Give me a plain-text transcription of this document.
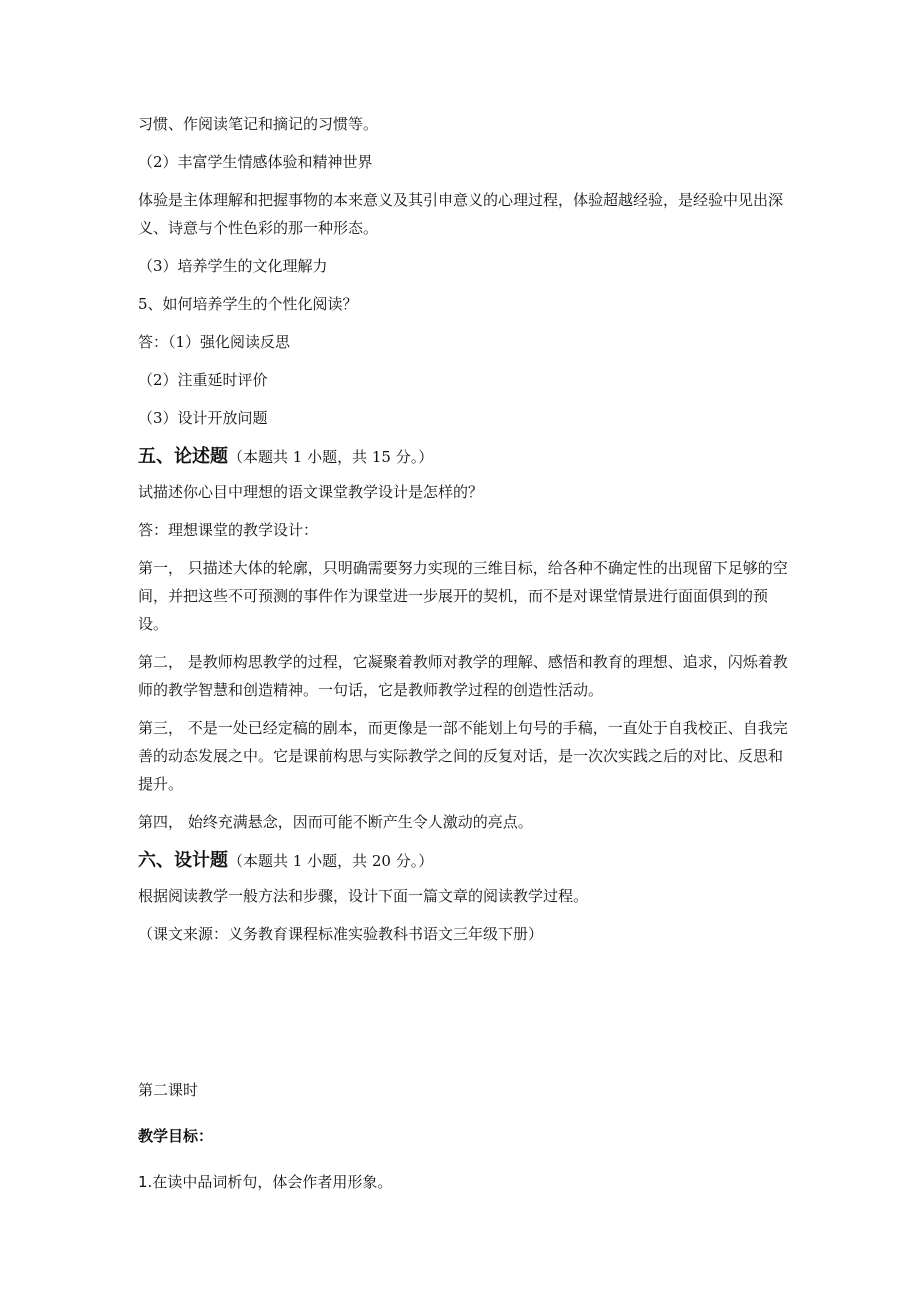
习惯、作阅读笔记和摘记的习惯等。

（2）丰富学生情感体验和精神世界

体验是主体理解和把握事物的本来意义及其引申意义的心理过程，体验超越经验，是经验中见出深义、诗意与个性色彩的那一种形态。

（3）培养学生的文化理解力

5、如何培养学生的个性化阅读？

答：（1）强化阅读反思

（2）注重延时评价

（3）设计开放问题

五、论述题（本题共 1 小题，共 15 分。）

试描述你心目中理想的语文课堂教学设计是怎样的？

答：理想课堂的教学设计：

第一， 只描述大体的轮廓，只明确需要努力实现的三维目标，给各种不确定性的出现留下足够的空间，并把这些不可预测的事件作为课堂进一步展开的契机，而不是对课堂情景进行面面俱到的预设。

第二， 是教师构思教学的过程，它凝聚着教师对教学的理解、感悟和教育的理想、追求，闪烁着教师的教学智慧和创造精神。一句话，它是教师教学过程的创造性活动。

第三， 不是一处已经定稿的剧本，而更像是一部不能划上句号的手稿，一直处于自我校正、自我完善的动态发展之中。它是课前构思与实际教学之间的反复对话，是一次次实践之后的对比、反思和提升。

第四， 始终充满悬念，因而可能不断产生令人激动的亮点。

六、设计题（本题共 1 小题，共 20 分。）

根据阅读教学一般方法和步骤，设计下面一篇文章的阅读教学过程。

（课文来源：义务教育课程标准实验教科书语文三年级下册）

第二课时

教学目标：

1.在读中品词析句，体会作者用形象。
